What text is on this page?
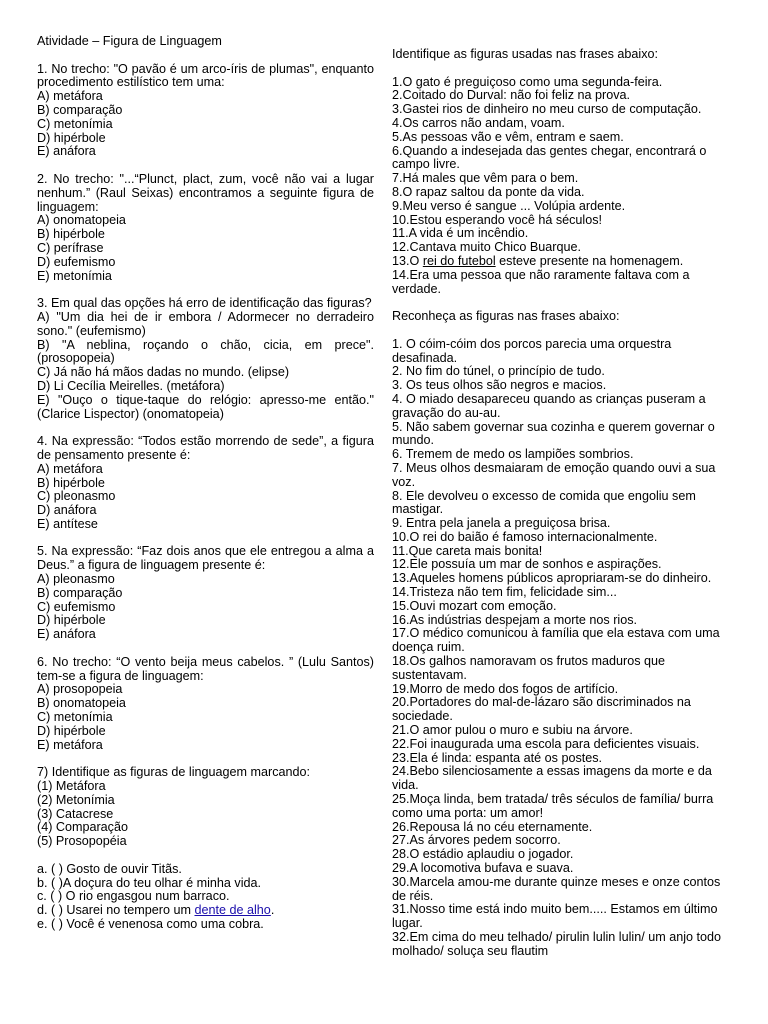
Atividade – Figura de Linguagem

1. No trecho: "O pavão é um arco-íris de plumas", enquanto procedimento estilístico tem uma:

A) metáfora

B) comparação

C) metonímia

D) hipérbole

E) anáfora

2. No trecho: "...“Plunct, plact, zum, você não vai a lugar nenhum.” (Raul Seixas) encontramos a seguinte figura de linguagem:

A) onomatopeia

B) hipérbole

C) perífrase

D) eufemismo

E) metonímia

3. Em qual das opções há erro de identificação das figuras?

A) "Um dia hei de ir embora / Adormecer no derradeiro sono." (eufemismo)

B) "A neblina, roçando o chão, cicia, em prece". (prosopopeia)

C) Já não há mãos dadas no mundo. (elipse)

D) Li Cecília Meirelles. (metáfora)

E) "Ouço o tique-taque do relógio: apresso-me então." (Clarice Lispector) (onomatopeia)

4. Na expressão: “Todos estão morrendo de sede”, a figura de pensamento presente é:

A) metáfora

B) hipérbole

C) pleonasmo

D) anáfora

E) antítese

5. Na expressão: “Faz dois anos que ele entregou a alma a Deus.” a figura de linguagem presente é:

A) pleonasmo

B) comparação

C) eufemismo

D) hipérbole

E) anáfora

6. No trecho: “O vento beija meus cabelos. ” (Lulu Santos) tem-se a figura de linguagem:

A) prosopopeia

B) onomatopeia

C) metonímia

D) hipérbole

E) metáfora

7) Identifique as figuras de linguagem marcando:

(1) Metáfora

(2) Metonímia

(3) Catacrese

(4) Comparação

(5) Prosopopéia

a. ( ) Gosto de ouvir Titãs.

b. ( )A doçura do teu olhar é minha vida.

c. ( ) O rio engasgou num barraco.

d. ( ) Usarei no tempero um dente de alho.

e. ( ) Você é venenosa como uma cobra.

Identifique as figuras usadas nas frases abaixo:

1.O gato é preguiçoso como uma segunda-feira.

2.Coitado do Durval: não foi feliz na prova.

3.Gastei rios de dinheiro no meu curso de computação.

4.Os carros não andam, voam.

5.As pessoas vão e vêm, entram e saem.

6.Quando a indesejada das gentes chegar, encontrará o campo livre.

7.Há males que vêm para o bem.

8.O rapaz saltou da ponte da vida.

9.Meu verso é sangue ... Volúpia ardente.

10.Estou esperando você há séculos!

11.A vida é um incêndio.

12.Cantava muito Chico Buarque.

13.O rei do futebol esteve presente na homenagem.

14.Era uma pessoa que não raramente faltava com a verdade.

Reconheça as figuras nas frases abaixo:

1. O cóim-cóim dos porcos parecia uma orquestra desafinada.

2. No fim do túnel, o princípio de tudo.

3. Os teus olhos são negros e macios.

4. O miado desapareceu quando as crianças puseram a gravação do au-au.

5. Não sabem governar sua cozinha e querem governar o mundo.

6. Tremem de medo os lampiões sombrios.

7. Meus olhos desmaiaram de emoção quando ouvi a sua voz.

8. Ele devolveu o excesso de comida que engoliu sem mastigar.

9. Entra pela janela a preguiçosa brisa.

10.O rei do baião é famoso internacionalmente.

11.Que careta mais bonita!

12.Ele possuía um mar de sonhos e aspirações.

13.Aqueles homens públicos apropriaram-se do dinheiro.

14.Tristeza não tem fim, felicidade sim...

15.Ouvi mozart com emoção.

16.As indústrias despejam a morte nos rios.

17.O médico comunicou à família que ela estava com uma doença ruim.

18.Os galhos namoravam os frutos maduros que sustentavam.

19.Morro de medo dos fogos de artifício.

20.Portadores do mal-de-lázaro são discriminados na sociedade.

21.O amor pulou o muro e subiu na árvore.

22.Foi inaugurada uma escola para deficientes visuais.

23.Ela é linda: espanta até os postes.

24.Bebo silenciosamente a essas imagens da morte e da vida.

25.Moça linda, bem tratada/ três séculos de família/ burra como uma porta: um amor!

26.Repousa lá no céu eternamente.

27.As árvores pedem socorro.

28.O estádio aplaudiu o jogador.

29.A locomotiva bufava e suava.

30.Marcela amou-me durante quinze meses e onze contos de réis.

31.Nosso time está indo muito bem..... Estamos em último lugar.

32.Em cima do meu telhado/ pirulin lulin lulin/ um anjo todo molhado/ soluça seu flautim
